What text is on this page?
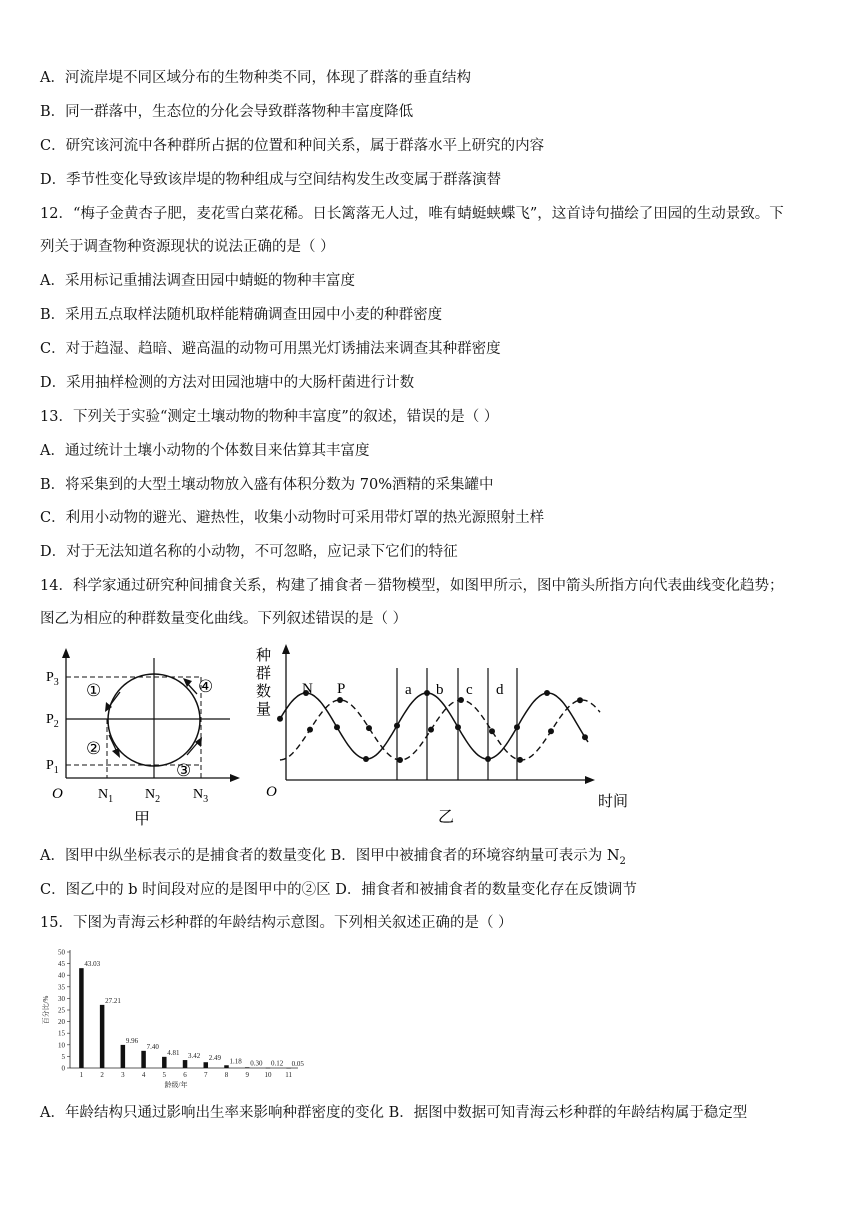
A．河流岸堤不同区域分布的生物种类不同，体现了群落的垂直结构
B．同一群落中，生态位的分化会导致群落物种丰富度降低
C．研究该河流中各种群所占据的位置和种间关系，属于群落水平上研究的内容
D．季节性变化导致该岸堤的物种组成与空间结构发生改变属于群落演替
12．“梅子金黄杏子肥，麦花雪白菜花稀。日长篱落无人过，唯有蜻蜓蛱蝶飞”，这首诗句描绘了田园的生动景致。下
列关于调查物种资源现状的说法正确的是（ ）
A．采用标记重捕法调查田园中蜻蜓的物种丰富度
B．采用五点取样法随机取样能精确调查田园中小麦的种群密度
C．对于趋湿、趋暗、避高温的动物可用黑光灯诱捕法来调查其种群密度
D．采用抽样检测的方法对田园池塘中的大肠杆菌进行计数
13．下列关于实验“测定土壤动物的物种丰富度”的叙述，错误的是（ ）
A．通过统计土壤小动物的个体数目来估算其丰富度
B．将采集到的大型土壤动物放入盛有体积分数为 70%酒精的采集罐中
C．利用小动物的避光、避热性，收集小动物时可采用带灯罩的热光源照射土样
D．对于无法知道名称的小动物，不可忽略，应记录下它们的特征
14．科学家通过研究种间捕食关系，构建了捕食者－猎物模型，如图甲所示，图中箭头所指方向代表曲线变化趋势；
图乙为相应的种群数量变化曲线。下列叙述错误的是（ ）
①
②
③
④
$P_3$
$P_2$
$P_1$
O	$N_1$ $N_2$ $N_3$
甲
种
群
数
量
N P	a b c d
O
时间
乙
A．图甲中纵坐标表示的是捕食者的数量变化 B．图甲中被捕食者的环境容纳量可表示为 $N_2$
C．图乙中的 b 时间段对应的是图甲中的②区 D．捕食者和被捕食者的数量变化存在反馈调节
15．下图为青海云杉种群的年龄结构示意图。下列相关叙述正确的是（ ）
0
5
10
15
20
25
30
35
40
45
50
百分比/%
43.03
1
27.21
2
9.96
3
7.40
4
4.81
5
3.42
6
2.49
7
1.18
8
0.30
9
0.12
10
0.05
11
龄级/年
A．年龄结构只通过影响出生率来影响种群密度的变化 B．据图中数据可知青海云杉种群的年龄结构属于稳定型
